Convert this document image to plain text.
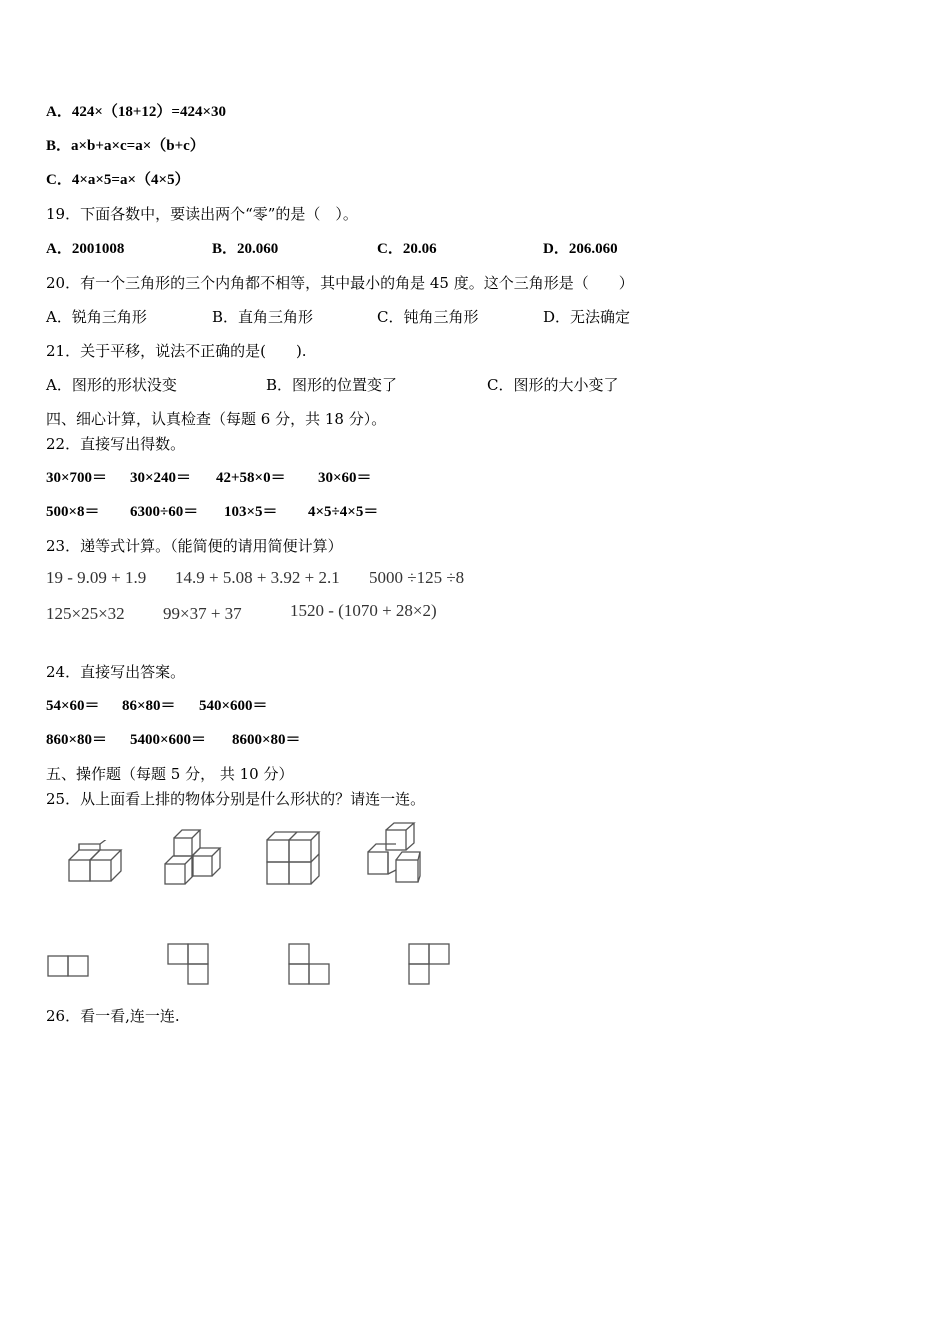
A．424×（18+12）=424×30
B．a×b+a×c=a×（b+c）
C．4×a×5=a×（4×5）
19．下面各数中，要读出两个“零”的是（　）。
A．2001008	B．20.060	C．20.06	D．206.060
20．有一个三角形的三个内角都不相等，其中最小的角是 45 度。这个三角形是（　　）
A．锐角三角形	B．直角三角形	C．钝角三角形	D．无法确定
21．关于平移，说法不正确的是(　　).
A．图形的形状没变	B．图形的位置变了	C．图形的大小变了
四、细心计算，认真检查（每题 6 分，共 18 分）。
22．直接写出得数。
30×700＝ 30×240＝ 42+58×0＝ 30×60＝
500×8＝ 6300÷60＝ 103×5＝ 4×5÷4×5＝
23．递等式计算。（能简便的请用简便计算）
19 - 9.09 + 1.9 14.9 + 5.08 + 3.92 + 2.1 5000 ÷125 ÷8
125×25×32 99×37 + 37	1520 - (1070 + 28×2)
24．直接写出答案。
54×60＝ 86×80＝ 540×600＝
860×80＝ 5400×600＝ 8600×80＝
五、操作题（每题 5 分， 共 10 分）
25．从上面看上排的物体分别是什么形状的？请连一连。
26．看一看,连一连.
